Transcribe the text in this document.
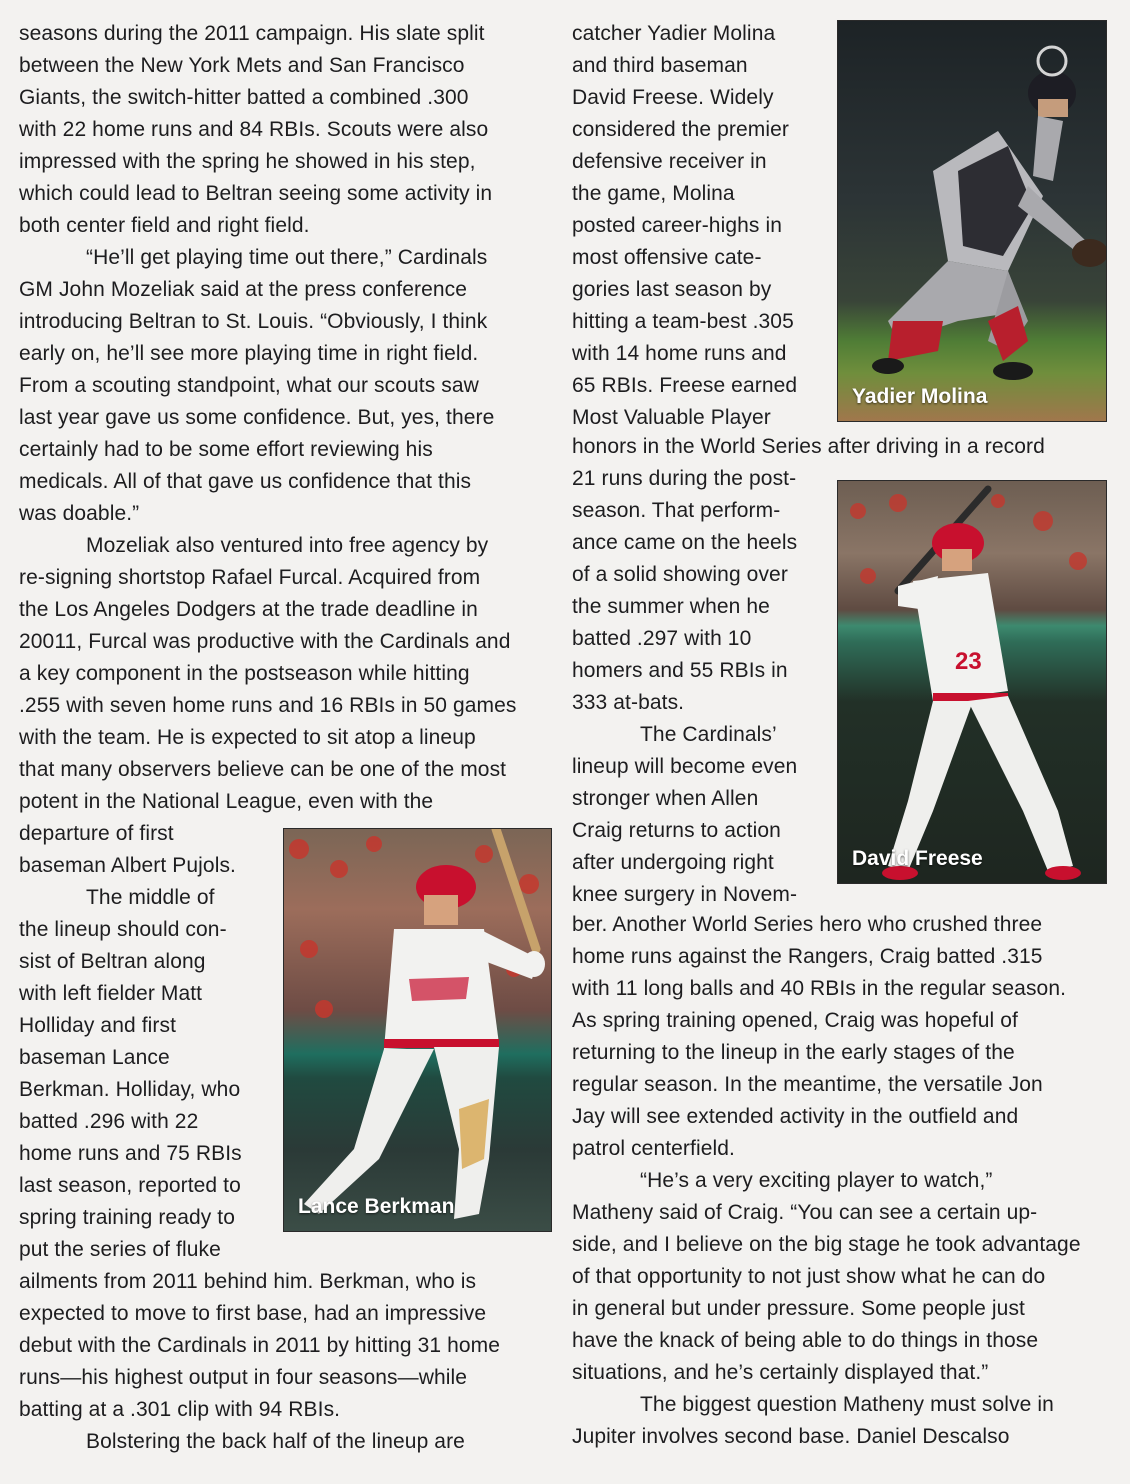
seasons during the 2011 campaign. His slate split
between the New York Mets and San Francisco
Giants, the switch-hitter batted a combined .300
with 22 home runs and 84 RBIs. Scouts were also
impressed with the spring he showed in his step,
which could lead to Beltran seeing some activity in
both center field and right field.
“He’ll get playing time out there,” Cardinals
GM John Mozeliak said at the press conference
introducing Beltran to St. Louis. “Obviously, I think
early on, he’ll see more playing time in right field.
From a scouting standpoint, what our scouts saw
last year gave us some confidence. But, yes, there
certainly had to be some effort reviewing his
medicals. All of that gave us confidence that this
was doable.”
Mozeliak also ventured into free agency by
re-signing shortstop Rafael Furcal. Acquired from
the Los Angeles Dodgers at the trade deadline in
20011, Furcal was productive with the Cardinals and
a key component in the postseason while hitting
.255 with seven home runs and 16 RBIs in 50 games
with the team. He is expected to sit atop a lineup
that many observers believe can be one of the most
potent in the National League, even with the
departure of first
baseman Albert Pujols.
The middle of
the lineup should con-
sist of Beltran along
with left fielder Matt
Holliday and first
baseman Lance
Berkman. Holliday, who
batted .296 with 22
home runs and 75 RBIs
last season, reported to
spring training ready to
put the series of fluke
ailments from 2011 behind him. Berkman, who is
expected to move to first base, had an impressive
debut with the Cardinals in 2011 by hitting 31 home
runs—his highest output in four seasons—while
batting at a .301 clip with 94 RBIs.
Bolstering the back half of the lineup are
catcher Yadier Molina
and third baseman
David Freese. Widely
considered the premier
defensive receiver in
the game, Molina
posted career-highs in
most offensive cate-
gories last season by
hitting a team-best .305
with 14 home runs and
65 RBIs. Freese earned
Most Valuable Player
honors in the World Series after driving in a record
21 runs during the post-
season. That perform-
ance came on the heels
of a solid showing over
the summer when he
batted .297 with 10
homers and 55 RBIs in
333 at-bats.
The Cardinals’
lineup will become even
stronger when Allen
Craig returns to action
after undergoing right
knee surgery in Novem-
ber. Another World Series hero who crushed three
home runs against the Rangers, Craig batted .315
with 11 long balls and 40 RBIs in the regular season.
As spring training opened, Craig was hopeful of
returning to the lineup in the early stages of the
regular season. In the meantime, the versatile Jon
Jay will see extended activity in the outfield and
patrol centerfield.
“He’s a very exciting player to watch,”
Matheny said of Craig. “You can see a certain up-
side, and I believe on the big stage he took advantage
of that opportunity to not just show what he can do
in general but under pressure. Some people just
have the knack of being able to do things in those
situations, and he’s certainly displayed that.”
The biggest question Matheny must solve in
Jupiter involves second base. Daniel Descalso
Yadier Molina
23
David Freese
Lance Berkman
